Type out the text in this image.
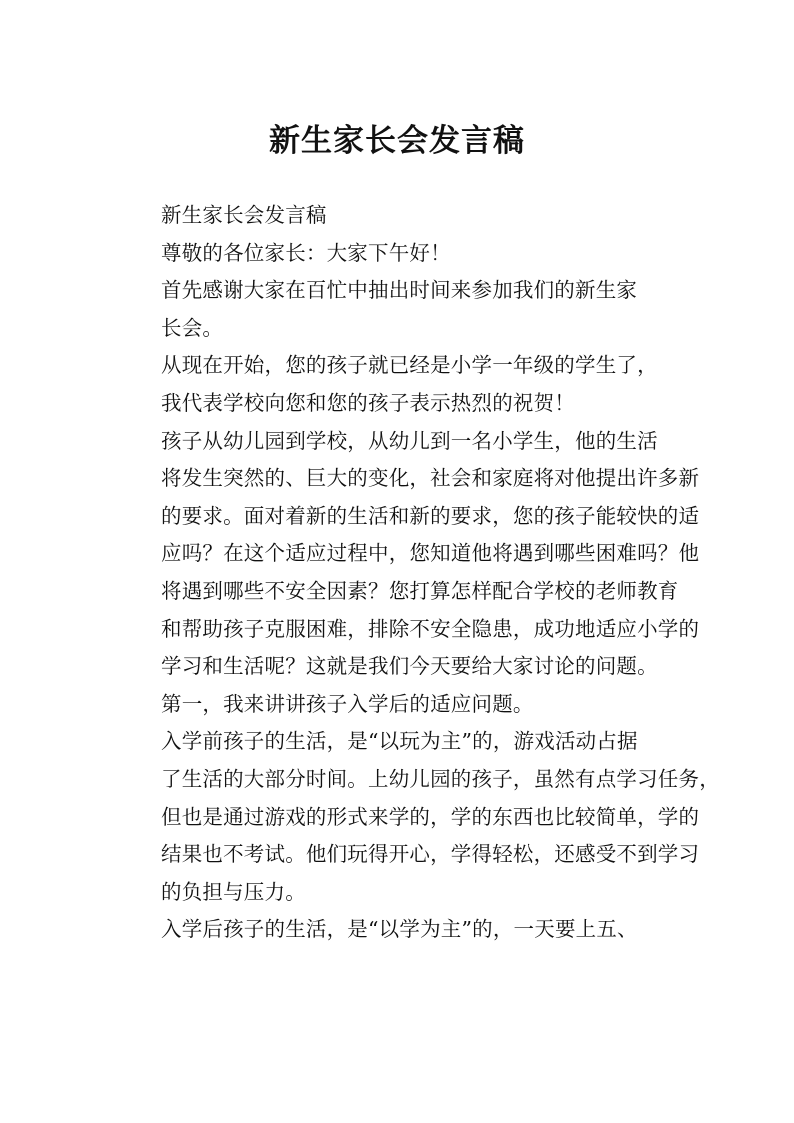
新生家长会发言稿

新生家长会发言稿

尊敬的各位家长：大家下午好！

首先感谢大家在百忙中抽出时间来参加我们的新生家
长会。

从现在开始，您的孩子就已经是小学一年级的学生了，
我代表学校向您和您的孩子表示热烈的祝贺！

孩子从幼儿园到学校，从幼儿到一名小学生，他的生活
将发生突然的、巨大的变化，社会和家庭将对他提出许多新
的要求。面对着新的生活和新的要求，您的孩子能较快的适
应吗？在这个适应过程中，您知道他将遇到哪些困难吗？他
将遇到哪些不安全因素？您打算怎样配合学校的老师教育
和帮助孩子克服困难，排除不安全隐患，成功地适应小学的
学习和生活呢？这就是我们今天要给大家讨论的问题。

第一，我来讲讲孩子入学后的适应问题。

入学前孩子的生活，是“以玩为主”的，游戏活动占据
了生活的大部分时间。上幼儿园的孩子，虽然有点学习任务，
但也是通过游戏的形式来学的，学的东西也比较简单，学的
结果也不考试。他们玩得开心，学得轻松，还感受不到学习
的负担与压力。

入学后孩子的生活，是“以学为主”的，一天要上五、
